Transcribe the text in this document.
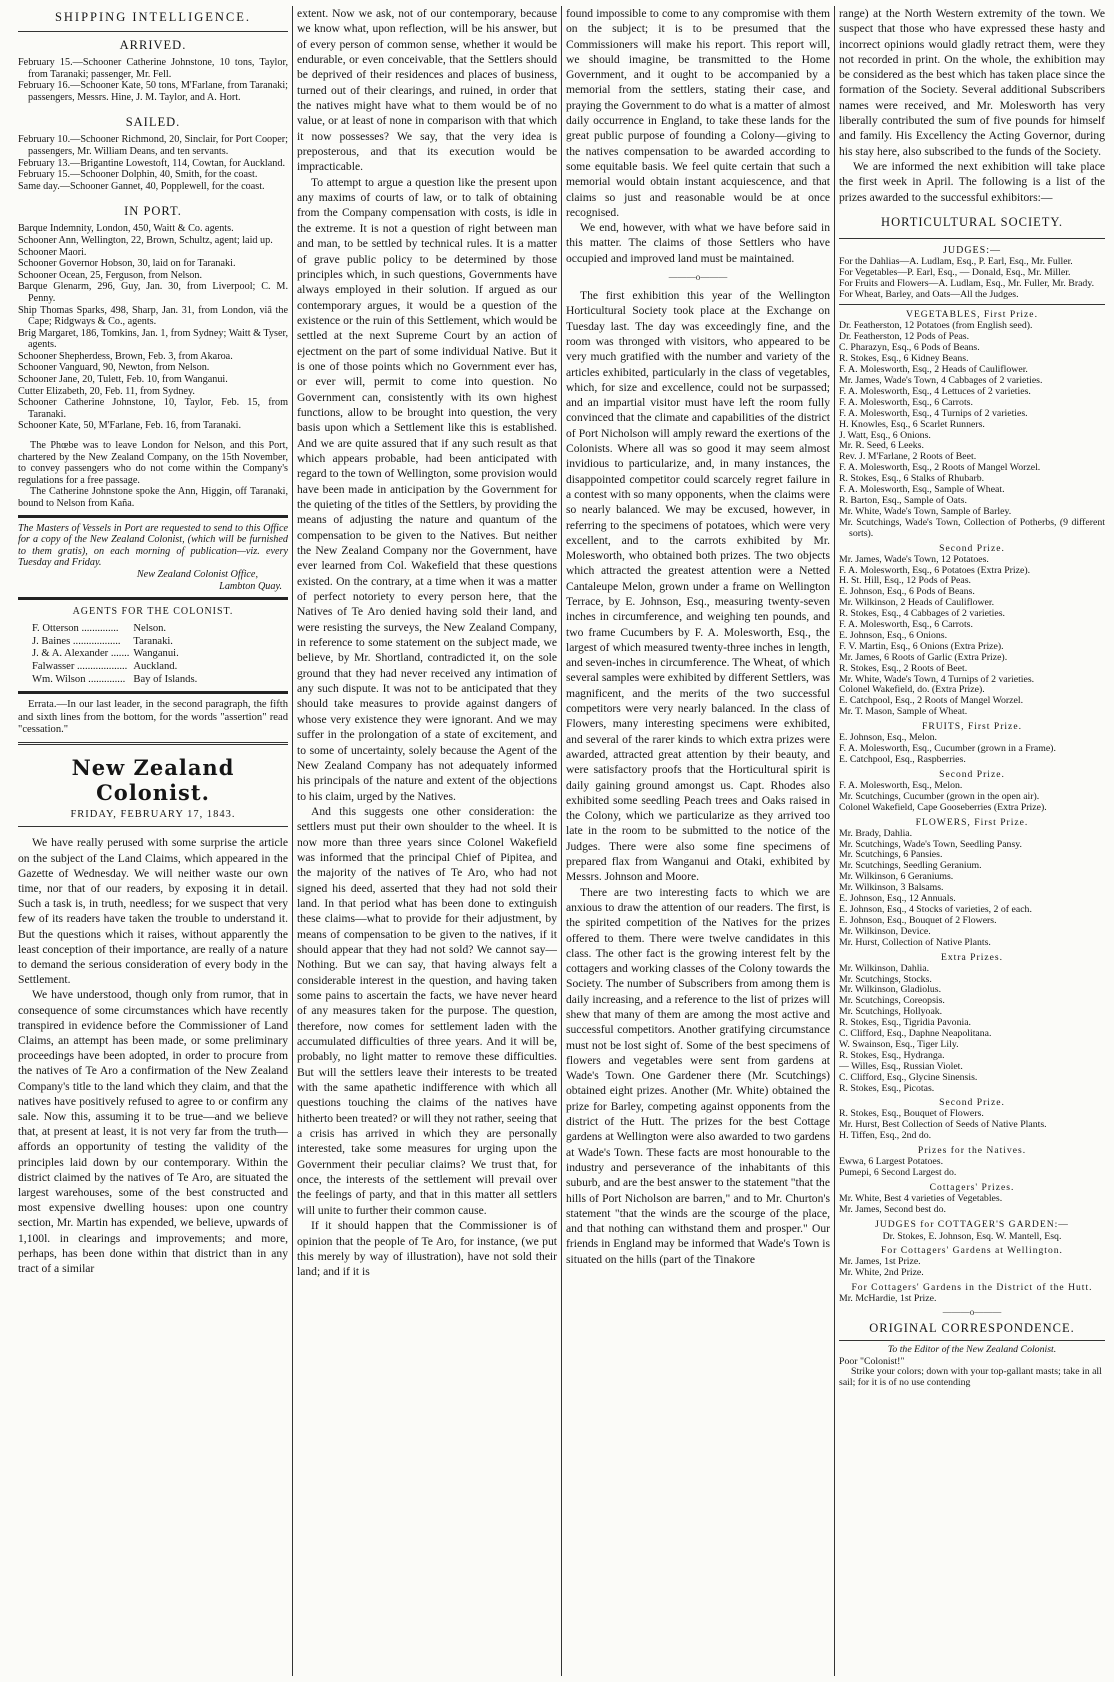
SHIPPING INTELLIGENCE.
ARRIVED.

February 15.—Schooner Catherine Johnstone, 10 tons, Taylor, from Taranaki; passenger, Mr. Fell.

February 16.—Schooner Kate, 50 tons, M'Farlane, from Taranaki; passengers, Messrs. Hine, J. M. Taylor, and A. Hort.

SAILED.

February 10.—Schooner Richmond, 20, Sinclair, for Port Cooper; passengers, Mr. William Deans, and ten servants.

February 13.—Brigantine Lowestoft, 114, Cowtan, for Auckland.

February 15.—Schooner Dolphin, 40, Smith, for the coast.

Same day.—Schooner Gannet, 40, Popplewell, for the coast.

IN PORT.

Barque Indemnity, London, 450, Waitt & Co. agents.

Schooner Ann, Wellington, 22, Brown, Schultz, agent; laid up.

Schooner Maori.

Schooner Governor Hobson, 30, laid on for Taranaki.

Schooner Ocean, 25, Ferguson, from Nelson.

Barque Glenarm, 296, Guy, Jan. 30, from Liverpool; C. M. Penny.

Ship Thomas Sparks, 498, Sharp, Jan. 31, from London, viâ the Cape; Ridgways & Co., agents.

Brig Margaret, 186, Tomkins, Jan. 1, from Sydney; Waitt & Tyser, agents.

Schooner Shepherdess, Brown, Feb. 3, from Akaroa.

Schooner Vanguard, 90, Newton, from Nelson.

Schooner Jane, 20, Tulett, Feb. 10, from Wanganui.

Cutter Elizabeth, 20, Feb. 11, from Sydney.

Schooner Catherine Johnstone, 10, Taylor, Feb. 15, from Taranaki.

Schooner Kate, 50, M'Farlane, Feb. 16, from Taranaki.

The Phœbe was to leave London for Nelson, and this Port, chartered by the New Zealand Company, on the 15th November, to convey passengers who do not come within the Company's regulations for a free passage.

The Catherine Johnstone spoke the Ann, Higgin, off Taranaki, bound to Nelson from Kaña.

The Masters of Vessels in Port are requested to send to this Office for a copy of the New Zealand Colonist, (which will be furnished to them gratis), on each morning of publication—viz. every Tuesday and Friday.
New Zealand Colonist Office,
Lambton Quay.
AGENTS FOR THE COLONIST.
F. Otterson ..............	Nelson.
J. Baines ..................	Taranaki.
J. & A. Alexander .......	Wanganui.
Falwasser ...................	Auckland.
Wm. Wilson ..............	Bay of Islands.
Errata.—In our last leader, in the second paragraph, the fifth and sixth lines from the bottom, for the words "assertion" read "cessation."
New Zealand Colonist.
FRIDAY, FEBRUARY 17, 1843.

We have really perused with some surprise the article on the subject of the Land Claims, which appeared in the Gazette of Wednesday. We will neither waste our own time, nor that of our readers, by exposing it in detail. Such a task is, in truth, needless; for we suspect that very few of its readers have taken the trouble to understand it. But the questions which it raises, without apparently the least conception of their importance, are really of a nature to demand the serious consideration of every body in the Settlement.

We have understood, though only from rumor, that in consequence of some circumstances which have recently transpired in evidence before the Commissioner of Land Claims, an attempt has been made, or some preliminary proceedings have been adopted, in order to procure from the natives of Te Aro a confirmation of the New Zealand Company's title to the land which they claim, and that the natives have positively refused to agree to or confirm any sale. Now this, assuming it to be true—and we believe that, at present at least, it is not very far from the truth—affords an opportunity of testing the validity of the principles laid down by our contemporary. Within the district claimed by the natives of Te Aro, are situated the largest warehouses, some of the best constructed and most expensive dwelling houses: upon one country section, Mr. Martin has expended, we believe, upwards of 1,100l. in clearings and improvements; and more, perhaps, has been done within that district than in any tract of a similar

extent. Now we ask, not of our contemporary, because we know what, upon reflection, will be his answer, but of every person of common sense, whether it would be endurable, or even conceivable, that the Settlers should be deprived of their residences and places of business, turned out of their clearings, and ruined, in order that the natives might have what to them would be of no value, or at least of none in comparison with that which it now possesses? We say, that the very idea is preposterous, and that its execution would be impracticable.

To attempt to argue a question like the present upon any maxims of courts of law, or to talk of obtaining from the Company compensation with costs, is idle in the extreme. It is not a question of right between man and man, to be settled by technical rules. It is a matter of grave public policy to be determined by those principles which, in such questions, Governments have always employed in their solution. If argued as our contemporary argues, it would be a question of the existence or the ruin of this Settlement, which would be settled at the next Supreme Court by an action of ejectment on the part of some individual Native. But it is one of those points which no Government ever has, or ever will, permit to come into question. No Government can, consistently with its own highest functions, allow to be brought into question, the very basis upon which a Settlement like this is established. And we are quite assured that if any such result as that which appears probable, had been anticipated with regard to the town of Wellington, some provision would have been made in anticipation by the Government for the quieting of the titles of the Settlers, by providing the means of adjusting the nature and quantum of the compensation to be given to the Natives. But neither the New Zealand Company nor the Government, have ever learned from Col. Wakefield that these questions existed. On the contrary, at a time when it was a matter of perfect notoriety to every person here, that the Natives of Te Aro denied having sold their land, and were resisting the surveys, the New Zealand Company, in reference to some statement on the subject made, we believe, by Mr. Shortland, contradicted it, on the sole ground that they had never received any intimation of any such dispute. It was not to be anticipated that they should take measures to provide against dangers of whose very existence they were ignorant. And we may suffer in the prolongation of a state of excitement, and to some of uncertainty, solely because the Agent of the New Zealand Company has not adequately informed his principals of the nature and extent of the objections to his claim, urged by the Natives.

And this suggests one other consideration: the settlers must put their own shoulder to the wheel. It is now more than three years since Colonel Wakefield was informed that the principal Chief of Pipitea, and the majority of the natives of Te Aro, who had not signed his deed, asserted that they had not sold their land. In that period what has been done to extinguish these claims—what to provide for their adjustment, by means of compensation to be given to the natives, if it should appear that they had not sold? We cannot say—Nothing. But we can say, that having always felt a considerable interest in the question, and having taken some pains to ascertain the facts, we have never heard of any measures taken for the purpose. The question, therefore, now comes for settlement laden with the accumulated difficulties of three years. And it will be, probably, no light matter to remove these difficulties. But will the settlers leave their interests to be treated with the same apathetic indifference with which all questions touching the claims of the natives have hitherto been treated? or will they not rather, seeing that a crisis has arrived in which they are personally interested, take some measures for urging upon the Government their peculiar claims? We trust that, for once, the interests of the settlement will prevail over the feelings of party, and that in this matter all settlers will unite to further their common cause.

If it should happen that the Commissioner is of opinion that the people of Te Aro, for instance, (we put this merely by way of illustration), have not sold their land; and if it is

found impossible to come to any compromise with them on the subject; it is to be presumed that the Commissioners will make his report. This report will, we should imagine, be transmitted to the Home Government, and it ought to be accompanied by a memorial from the settlers, stating their case, and praying the Government to do what is a matter of almost daily occurrence in England, to take these lands for the great public purpose of founding a Colony—giving to the natives compensation to be awarded according to some equitable basis. We feel quite certain that such a memorial would obtain instant acquiescence, and that claims so just and reasonable would be at once recognised.

We end, however, with what we have before said in this matter. The claims of those Settlers who have occupied and improved land must be maintained.

———o———

The first exhibition this year of the Wellington Horticultural Society took place at the Exchange on Tuesday last. The day was exceedingly fine, and the room was thronged with visitors, who appeared to be very much gratified with the number and variety of the articles exhibited, particularly in the class of vegetables, which, for size and excellence, could not be surpassed; and an impartial visitor must have left the room fully convinced that the climate and capabilities of the district of Port Nicholson will amply reward the exertions of the Colonists. Where all was so good it may seem almost invidious to particularize, and, in many instances, the disappointed competitor could scarcely regret failure in a contest with so many opponents, when the claims were so nearly balanced. We may be excused, however, in referring to the specimens of potatoes, which were very excellent, and to the carrots exhibited by Mr. Molesworth, who obtained both prizes. The two objects which attracted the greatest attention were a Netted Cantaleupe Melon, grown under a frame on Wellington Terrace, by E. Johnson, Esq., measuring twenty-seven inches in circumference, and weighing ten pounds, and two frame Cucumbers by F. A. Molesworth, Esq., the largest of which measured twenty-three inches in length, and seven-inches in circumference. The Wheat, of which several samples were exhibited by different Settlers, was magnificent, and the merits of the two successful competitors were very nearly balanced. In the class of Flowers, many interesting specimens were exhibited, and several of the rarer kinds to which extra prizes were awarded, attracted great attention by their beauty, and were satisfactory proofs that the Horticultural spirit is daily gaining ground amongst us. Capt. Rhodes also exhibited some seedling Peach trees and Oaks raised in the Colony, which we particularize as they arrived too late in the room to be submitted to the notice of the Judges. There were also some fine specimens of prepared flax from Wanganui and Otaki, exhibited by Messrs. Johnson and Moore.

There are two interesting facts to which we are anxious to draw the attention of our readers. The first, is the spirited competition of the Natives for the prizes offered to them. There were twelve candidates in this class. The other fact is the growing interest felt by the cottagers and working classes of the Colony towards the Society. The number of Subscribers from among them is daily increasing, and a reference to the list of prizes will shew that many of them are among the most active and successful competitors. Another gratifying circumstance must not be lost sight of. Some of the best specimens of flowers and vegetables were sent from gardens at Wade's Town. One Gardener there (Mr. Scutchings) obtained eight prizes. Another (Mr. White) obtained the prize for Barley, competing against opponents from the district of the Hutt. The prizes for the best Cottage gardens at Wellington were also awarded to two gardens at Wade's Town. These facts are most honourable to the industry and perseverance of the inhabitants of this suburb, and are the best answer to the statement "that the hills of Port Nicholson are barren," and to Mr. Churton's statement "that the winds are the scourge of the place, and that nothing can withstand them and prosper." Our friends in England may be informed that Wade's Town is situated on the hills (part of the Tinakore

range) at the North Western extremity of the town. We suspect that those who have expressed these hasty and incorrect opinions would gladly retract them, were they not recorded in print. On the whole, the exhibition may be considered as the best which has taken place since the formation of the Society. Several additional Subscribers names were received, and Mr. Molesworth has very liberally contributed the sum of five pounds for himself and family. His Excellency the Acting Governor, during his stay here, also subscribed to the funds of the Society.

We are informed the next exhibition will take place the first week in April. The following is a list of the prizes awarded to the successful exhibitors:—

HORTICULTURAL SOCIETY.
JUDGES:—

For the Dahlias—A. Ludlam, Esq., P. Earl, Esq., Mr. Fuller.

For Vegetables—P. Earl, Esq., — Donald, Esq., Mr. Miller.

For Fruits and Flowers—A. Ludlam, Esq., Mr. Fuller, Mr. Brady.

For Wheat, Barley, and Oats—All the Judges.

VEGETABLES, First Prize.

Dr. Featherston, 12 Potatoes (from English seed).

Dr. Featherston, 12 Pods of Peas.

C. Pharazyn, Esq., 6 Pods of Beans.

R. Stokes, Esq., 6 Kidney Beans.

F. A. Molesworth, Esq., 2 Heads of Cauliflower.

Mr. James, Wade's Town, 4 Cabbages of 2 varieties.

F. A. Molesworth, Esq., 4 Lettuces of 2 varieties.

F. A. Molesworth, Esq., 6 Carrots.

F. A. Molesworth, Esq., 4 Turnips of 2 varieties.

H. Knowles, Esq., 6 Scarlet Runners.

J. Watt, Esq., 6 Onions.

Mr. R. Seed, 6 Leeks.

Rev. J. M'Farlane, 2 Roots of Beet.

F. A. Molesworth, Esq., 2 Roots of Mangel Worzel.

R. Stokes, Esq., 6 Stalks of Rhubarb.

F. A. Molesworth, Esq., Sample of Wheat.

R. Barton, Esq., Sample of Oats.

Mr. White, Wade's Town, Sample of Barley.

Mr. Scutchings, Wade's Town, Collection of Potherbs, (9 different sorts).

Second Prize.

Mr. James, Wade's Town, 12 Potatoes.

F. A. Molesworth, Esq., 6 Potatoes (Extra Prize).

H. St. Hill, Esq., 12 Pods of Peas.

E. Johnson, Esq., 6 Pods of Beans.

Mr. Wilkinson, 2 Heads of Cauliflower.

R. Stokes, Esq., 4 Cabbages of 2 varieties.

F. A. Molesworth, Esq., 6 Carrots.

E. Johnson, Esq., 6 Onions.

F. V. Martin, Esq., 6 Onions (Extra Prize).

Mr. James, 6 Roots of Garlic (Extra Prize).

R. Stokes, Esq., 2 Roots of Beet.

Mr. White, Wade's Town, 4 Turnips of 2 varieties.

Colonel Wakefield, do. (Extra Prize).

E. Catchpool, Esq., 2 Roots of Mangel Worzel.

Mr. T. Mason, Sample of Wheat.

FRUITS, First Prize.

E. Johnson, Esq., Melon.

F. A. Molesworth, Esq., Cucumber (grown in a Frame).

E. Catchpool, Esq., Raspberries.

Second Prize.

F. A. Molesworth, Esq., Melon.

Mr. Scutchings, Cucumber (grown in the open air).

Colonel Wakefield, Cape Gooseberries (Extra Prize).

FLOWERS, First Prize.

Mr. Brady, Dahlia.

Mr. Scutchings, Wade's Town, Seedling Pansy.

Mr. Scutchings, 6 Pansies.

Mr. Scutchings, Seedling Geranium.

Mr. Wilkinson, 6 Geraniums.

Mr. Wilkinson, 3 Balsams.

E. Johnson, Esq., 12 Annuals.

E. Johnson, Esq., 4 Stocks of varieties, 2 of each.

E. Johnson, Esq., Bouquet of 2 Flowers.

Mr. Wilkinson, Device.

Mr. Hurst, Collection of Native Plants.

Extra Prizes.

Mr. Wilkinson, Dahlia.

Mr. Scutchings, Stocks.

Mr. Wilkinson, Gladiolus.

Mr. Scutchings, Coreopsis.

Mr. Scutchings, Hollyoak.

R. Stokes, Esq., Tigridia Pavonia.

C. Clifford, Esq., Daphne Neapolitana.

W. Swainson, Esq., Tiger Lily.

R. Stokes, Esq., Hydranga.

— Willes, Esq., Russian Violet.

C. Clifford, Esq., Glycine Sinensis.

R. Stokes, Esq., Picotas.

Second Prize.

R. Stokes, Esq., Bouquet of Flowers.

Mr. Hurst, Best Collection of Seeds of Native Plants.

H. Tiffen, Esq., 2nd do.

Prizes for the Natives.

Ewwa, 6 Largest Potatoes.

Pumepi, 6 Second Largest do.

Cottagers' Prizes.

Mr. White, Best 4 varieties of Vegetables.

Mr. James, Second best do.

JUDGES for COTTAGER'S GARDEN:—
Dr. Stokes, E. Johnson, Esq. W. Mantell, Esq.
For Cottagers' Gardens at Wellington.

Mr. James, 1st Prize.

Mr. White, 2nd Prize.

For Cottagers' Gardens in the District of the Hutt.

Mr. McHardie, 1st Prize.

———o———
ORIGINAL CORRESPONDENCE.
To the Editor of the New Zealand Colonist.
Poor "Colonist!"
Strike your colors; down with your top-gallant masts; take in all sail; for it is of no use contending
